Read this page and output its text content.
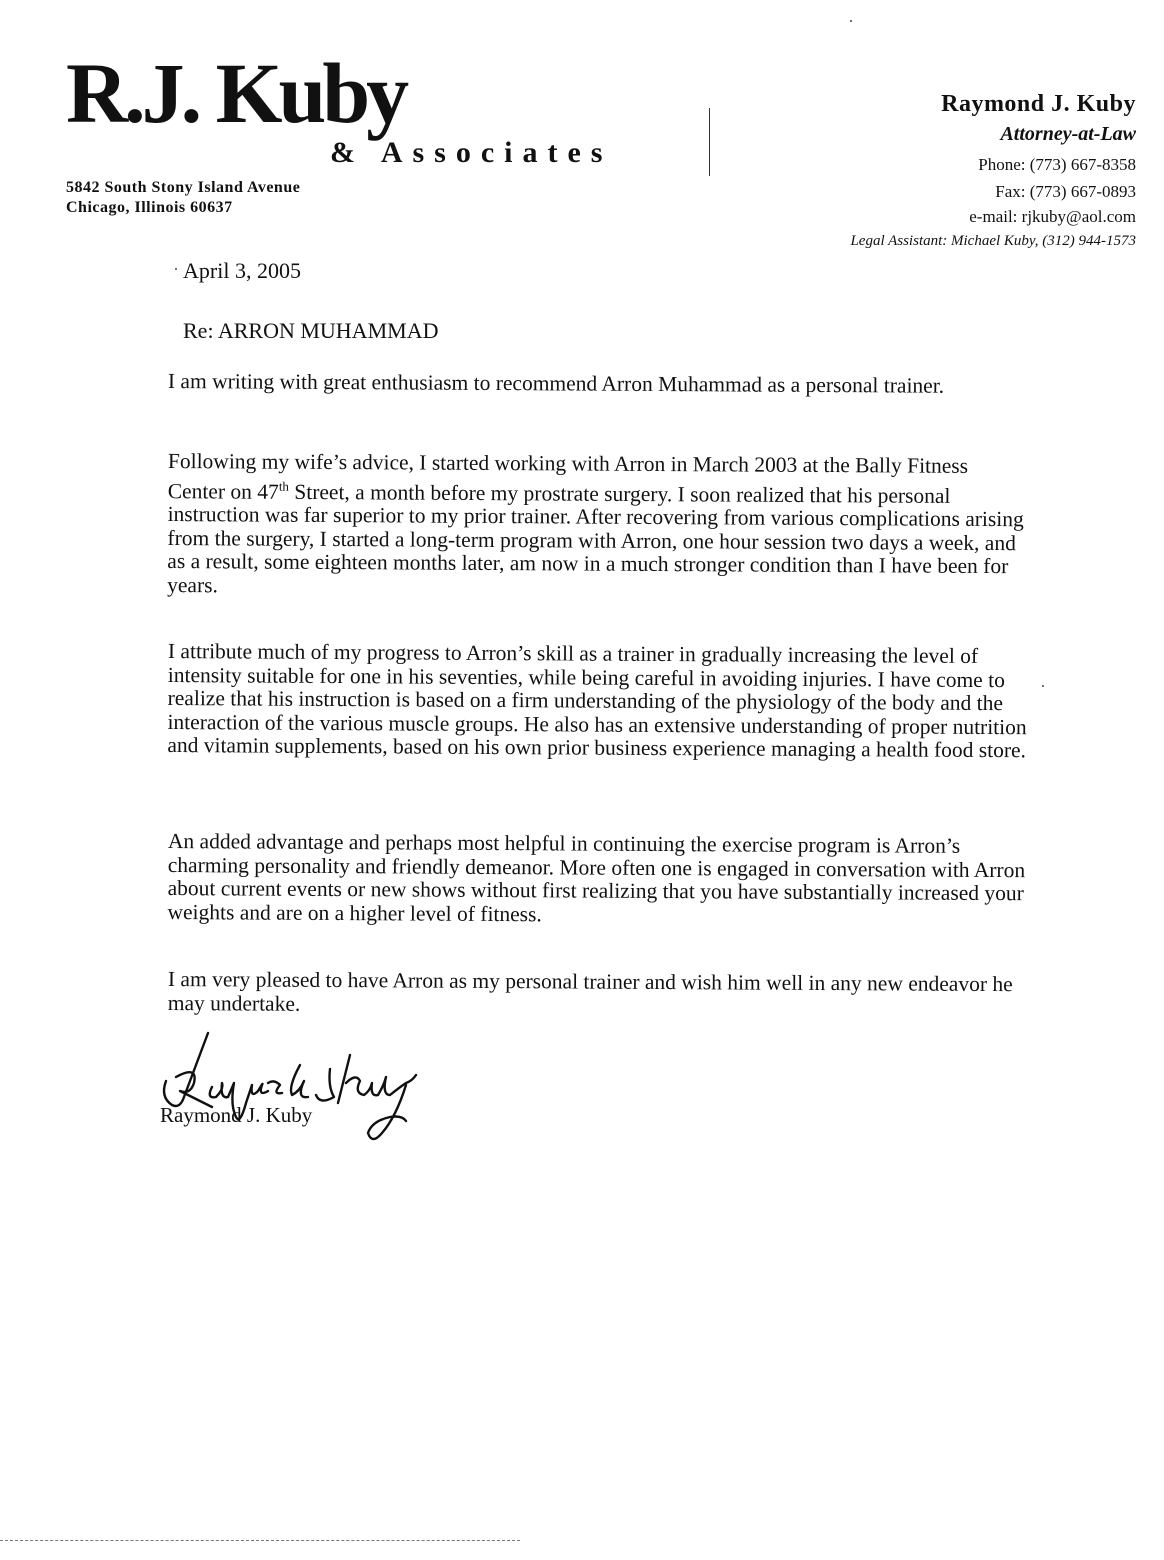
R.J. Kuby
& Associates
5842 South Stony Island Avenue
Chicago, Illinois 60637
Raymond J. Kuby
Attorney-at-Law
Phone: (773) 667-8358
Fax: (773) 667-0893
e-mail: rjkuby@aol.com
Legal Assistant: Michael Kuby, (312) 944-1573
April 3, 2005
Re: ARRON MUHAMMAD
I am writing with great enthusiasm to recommend Arron Muhammad as a personal trainer.
Following my wife’s advice, I started working with Arron in March 2003 at the Bally Fitness Center on 47th Street, a month before my prostrate surgery. I soon realized that his personal instruction was far superior to my prior trainer. After recovering from various complications arising from the surgery, I started a long-term program with Arron, one hour session two days a week, and as a result, some eighteen months later, am now in a much stronger condition than I have been for years.
I attribute much of my progress to Arron’s skill as a trainer in gradually increasing the level of intensity suitable for one in his seventies, while being careful in avoiding injuries. I have come to realize that his instruction is based on a firm understanding of the physiology of the body and the interaction of the various muscle groups. He also has an extensive understanding of proper nutrition and vitamin supplements, based on his own prior business experience managing a health food store.
An added advantage and perhaps most helpful in continuing the exercise program is Arron’s charming personality and friendly demeanor. More often one is engaged in conversation with Arron about current events or new shows without first realizing that you have substantially increased your weights and are on a higher level of fitness.
I am very pleased to have Arron as my personal trainer and wish him well in any new endeavor he may undertake.
Raymond J. Kuby
